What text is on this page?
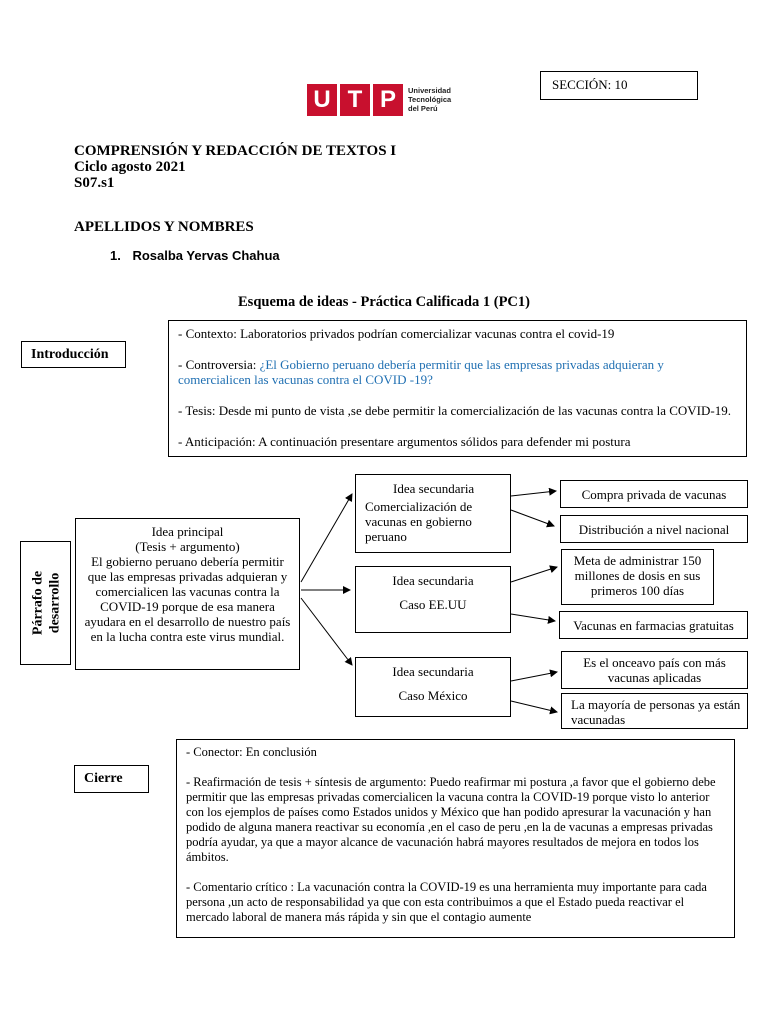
SECCIÓN: 10
U T P	Universidad
Tecnológica
del Perú
COMPRENSIÓN Y REDACCIÓN DE TEXTOS I
Ciclo agosto 2021
S07.s1
APELLIDOS Y NOMBRES
1. Rosalba Yervas Chahua
Esquema de ideas - Práctica Calificada 1 (PC1)
Introducción

- Contexto: Laboratorios privados podrían comercializar vacunas contra el covid-19

- Controversia: ¿El Gobierno peruano debería permitir que las empresas privadas adquieran y comercialicen las vacunas contra el COVID -19?

- Tesis: Desde mi punto de vista ,se debe permitir la comercialización de las vacunas contra la COVID-19.

- Anticipación: A continuación presentare argumentos sólidos para defender mi postura

Párrafo de desarrollo
Idea principal
(Tesis + argumento)
El gobierno peruano debería permitir que las empresas privadas adquieran y comercialicen las vacunas contra la COVID-19 porque de esa manera ayudara en el desarrollo de nuestro país en la lucha contra este virus mundial.
Idea secundaria
Comercialización de vacunas en gobierno peruano
Idea secundaria
Caso EE.UU
Idea secundaria
Caso México
Compra privada de vacunas
Distribución a nivel nacional
Meta de administrar 150 millones de dosis en sus primeros 100 días
Vacunas en farmacias gratuitas
Es el onceavo país con más vacunas aplicadas
La mayoría de personas ya están vacunadas
Cierre

- Conector: En conclusión

- Reafirmación de tesis + síntesis de argumento: Puedo reafirmar mi postura ,a favor que el gobierno debe permitir que las empresas privadas comercialicen la vacuna contra la COVID-19 porque visto lo anterior con los ejemplos de países como Estados unidos y México que han podido apresurar la vacunación y han podido de alguna manera reactivar su economía ,en el caso de peru ,en la de vacunas a empresas privadas podría ayudar, ya que a mayor alcance de vacunación habrá mayores resultados de mejora en todos los ámbitos.

- Comentario crítico : La vacunación contra la COVID-19 es una herramienta muy importante para cada persona ,un acto de responsabilidad ya que con esta contribuimos a que el Estado pueda reactivar el mercado laboral de manera más rápida y sin que el contagio aumente
